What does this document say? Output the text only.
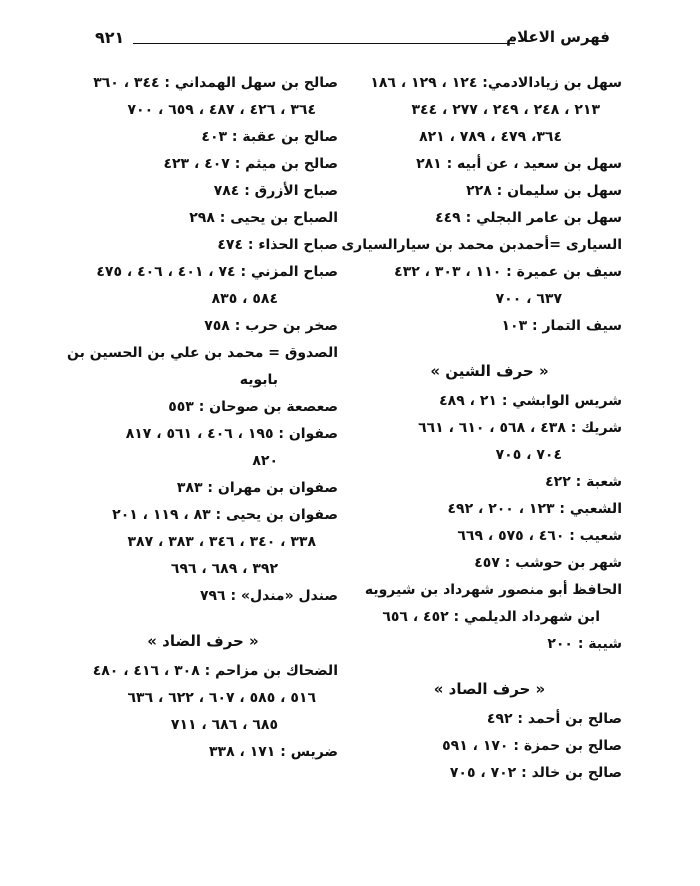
فهرس الاعلام
٩٢١
سهل بن زيادالادمي: ١٢٤ ، ١٢٩ ، ١٨٦
٢١٣ ، ٢٤٨ ، ٢٤٩ ، ٢٧٧ ، ٣٤٤
٣٦٤، ٤٧٩ ، ٧٨٩ ، ٨٢١
سهل بن سعيد ، عن أبيه : ٢٨١
سهل بن سليمان : ٢٢٨
سهل بن عامر البجلي : ٤٤٩
السيارى =أحمدبن محمد بن سيارالسيارى
سيف بن عميرة : ١١٠ ، ٣٠٣ ، ٤٣٢
٦٣٧ ، ٧٠٠
سيف التمار : ١٠٣
« حرف الشين »
شريس الوابشي : ٢١ ، ٤٨٩
شريك : ٤٣٨ ، ٥٦٨ ، ٦١٠ ، ٦٦١
٧٠٤ ، ٧٠٥
شعبة : ٤٢٢
الشعبي : ١٢٣ ، ٢٠٠ ، ٤٩٢
شعيب : ٤٦٠ ، ٥٧٥ ، ٦٦٩
شهر بن حوشب : ٤٥٧
الحافظ أبو منصور شهرداد بن شيرويه
ابن شهرداد الديلمي : ٤٥٢ ، ٦٥٦
شيبة : ٢٠٠
« حرف الصاد »
صالح بن أحمد : ٤٩٢
صالح بن حمزة : ١٧٠ ، ٥٩١
صالح بن خالد : ٧٠٢ ، ٧٠٥
صالح بن سهل الهمداني : ٣٤٤ ، ٣٦٠
٣٦٤ ، ٤٢٦ ، ٤٨٧ ، ٦٥٩ ، ٧٠٠
صالح بن عقبة : ٤٠٣
صالح بن ميثم : ٤٠٧ ، ٤٢٣
صباح الأزرق : ٧٨٤
الصباح بن يحيى : ٢٩٨
صباح الحذاء : ٤٧٤
صباح المزني : ٧٤ ، ٤٠١ ، ٤٠٦ ، ٤٧٥
٥٨٤ ، ٨٣٥
صخر بن حرب : ٧٥٨
الصدوق = محمد بن علي بن الحسين بن
بابويه
صعصعة بن صوحان : ٥٥٣
صفوان : ١٩٥ ، ٤٠٦ ، ٥٦١ ، ٨١٧
٨٢٠
صفوان بن مهران : ٣٨٣
صفوان بن يحيى : ٨٣ ، ١١٩ ، ٢٠١
٣٣٨ ، ٣٤٠ ، ٣٤٦ ، ٣٨٣ ، ٣٨٧
٣٩٢ ، ٦٨٩ ، ٦٩٦
صندل «مندل» : ٧٩٦
« حرف الضاد »
الضحاك بن مزاحم : ٣٠٨ ، ٤١٦ ، ٤٨٠
٥١٦ ، ٥٨٥ ، ٦٠٧ ، ٦٢٢ ، ٦٣٦
٦٨٥ ، ٦٨٦ ، ٧١١
ضريس : ١٧١ ، ٣٣٨
